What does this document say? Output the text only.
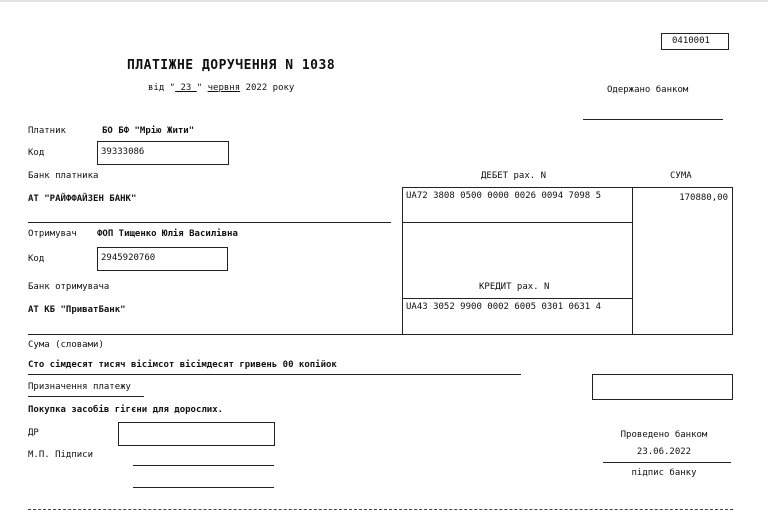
0410001
ПЛАТІЖНЕ ДОРУЧЕННЯ N 1038
від " 23 " червня 2022 року	Одержано банком
Платник	БО БФ "Мрію Жити"
Код	39333086
Банк платника
АТ "РАЙФФАЙЗЕН БАНК"
ДЕБЕТ рах. N	СУМА
UA72 3808 0500 0000 0026 0094 7098 5	170880,00
UA43 3052 9900 0002 6005 0301 0631 4
Отримувач ФОП Тищенко Юлія Василівна
Код	2945920760
Банк отримувача	КРЕДИТ рах. N
АТ КБ "ПриватБанк"
Сума (словами)
Сто сімдесят тисяч вісімсот вісімдесят гривень 00 копійок
Призначення платежу
Покупка засобів гігєни для дорослих.
ДР
М.П. Підписи
Проведено банком
23.06.2022
підпис банку
